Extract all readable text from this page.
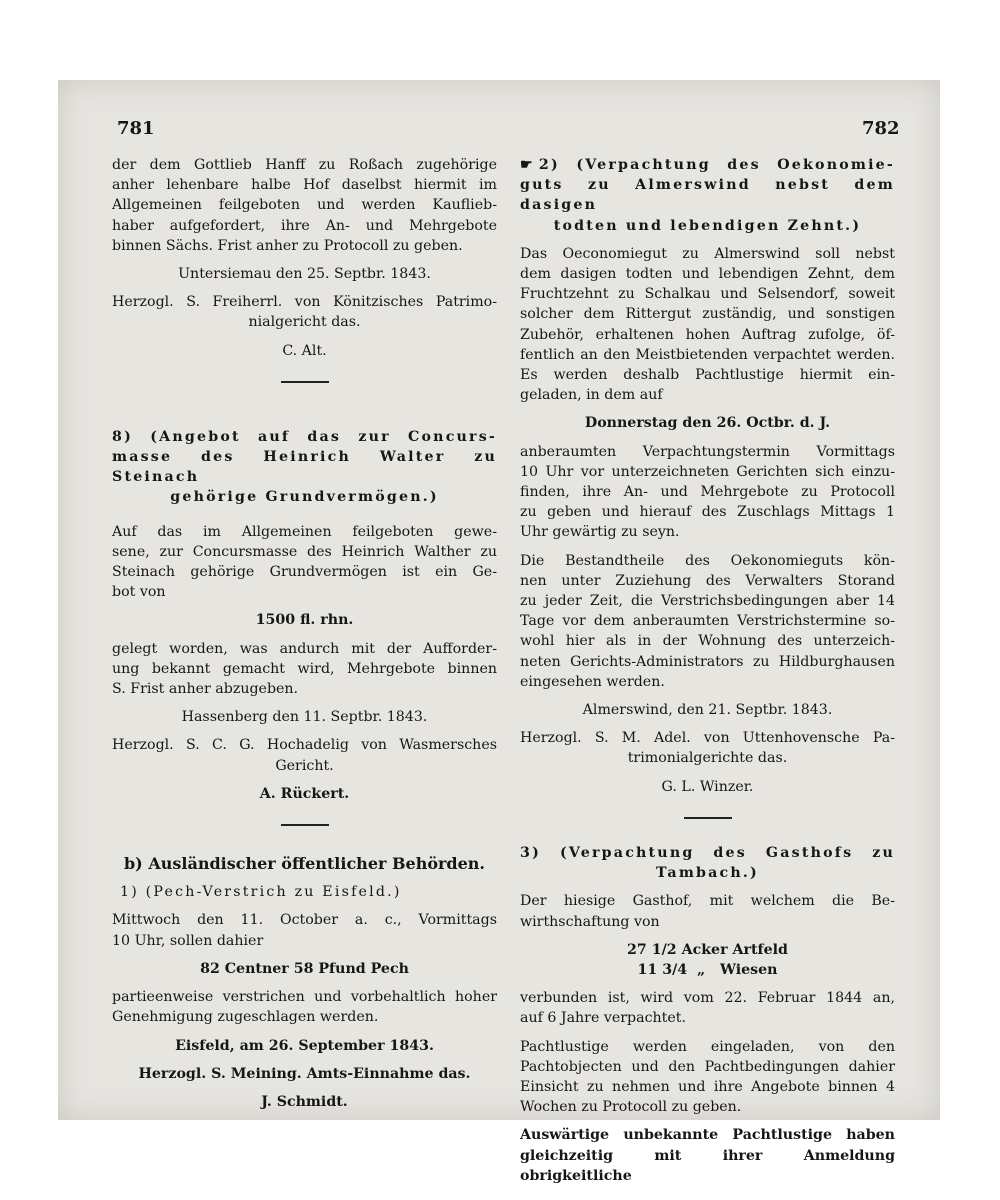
781	782

der dem Gottlieb Hanff zu Roßach zugehörige

anher lehenbare halbe Hof daselbst hiermit im

Allgemeinen feilgeboten und werden Kauflieb-

haber aufgefordert, ihre An- und Mehrgebote

binnen Sächs. Frist anher zu Protocoll zu geben.

Untersiemau den 25. Septbr. 1843.

Herzogl. S. Freiherrl. von Könitzisches Patrimo-

nialgericht das.

C. Alt.

8) (Angebot auf das zur Concurs-

masse des Heinrich Walter zu Steinach

gehörige Grundvermögen.)

Auf das im Allgemeinen feilgeboten gewe-

sene, zur Concursmasse des Heinrich Walther zu

Steinach gehörige Grundvermögen ist ein Ge-

bot von

1500 fl. rhn.

gelegt worden, was andurch mit der Aufforder-

ung bekannt gemacht wird, Mehrgebote binnen

S. Frist anher abzugeben.

Hassenberg den 11. Septbr. 1843.

Herzogl. S. C. G. Hochadelig von Wasmersches

Gericht.

A. Rückert.

b) Ausländischer öffentlicher Behörden.

1) (Pech-Verstrich zu Eisfeld.)

Mittwoch den 11. October a. c., Vormittags

10 Uhr, sollen dahier

82 Centner 58 Pfund Pech

partieenweise verstrichen und vorbehaltlich hoher

Genehmigung zugeschlagen werden.

Eisfeld, am 26. September 1843.

Herzogl. S. Meining. Amts-Einnahme das.

J. Schmidt.

☛ 2) (Verpachtung des Oekonomie-

guts zu Almerswind nebst dem dasigen

todten und lebendigen Zehnt.)

Das Oeconomiegut zu Almerswind soll nebst

dem dasigen todten und lebendigen Zehnt, dem

Fruchtzehnt zu Schalkau und Selsendorf, soweit

solcher dem Rittergut zuständig, und sonstigen

Zubehör, erhaltenen hohen Auftrag zufolge, öf-

fentlich an den Meistbietenden verpachtet werden.

Es werden deshalb Pachtlustige hiermit ein-

geladen, in dem auf

Donnerstag den 26. Octbr. d. J.

anberaumten Verpachtungstermin Vormittags

10 Uhr vor unterzeichneten Gerichten sich einzu-

finden, ihre An- und Mehrgebote zu Protocoll

zu geben und hierauf des Zuschlags Mittags 1

Uhr gewärtig zu seyn.

Die Bestandtheile des Oekonomieguts kön-

nen unter Zuziehung des Verwalters Storand

zu jeder Zeit, die Verstrichsbedingungen aber 14

Tage vor dem anberaumten Verstrichstermine so-

wohl hier als in der Wohnung des unterzeich-

neten Gerichts-Administrators zu Hildburghausen

eingesehen werden.

Almerswind, den 21. Septbr. 1843.

Herzogl. S. M. Adel. von Uttenhovensche Pa-

trimonialgerichte das.

G. L. Winzer.

3) (Verpachtung des Gasthofs zu

Tambach.)

Der hiesige Gasthof, mit welchem die Be-

wirthschaftung von

27 1/2 Acker Artfeld

11 3/4  „   Wiesen

verbunden ist, wird vom 22. Februar 1844 an,

auf 6 Jahre verpachtet.

Pachtlustige werden eingeladen, von den

Pachtobjecten und den Pachtbedingungen dahier

Einsicht zu nehmen und ihre Angebote binnen 4

Wochen zu Protocoll zu geben.

Auswärtige unbekannte Pachtlustige haben

gleichzeitig mit ihrer Anmeldung obrigkeitliche
